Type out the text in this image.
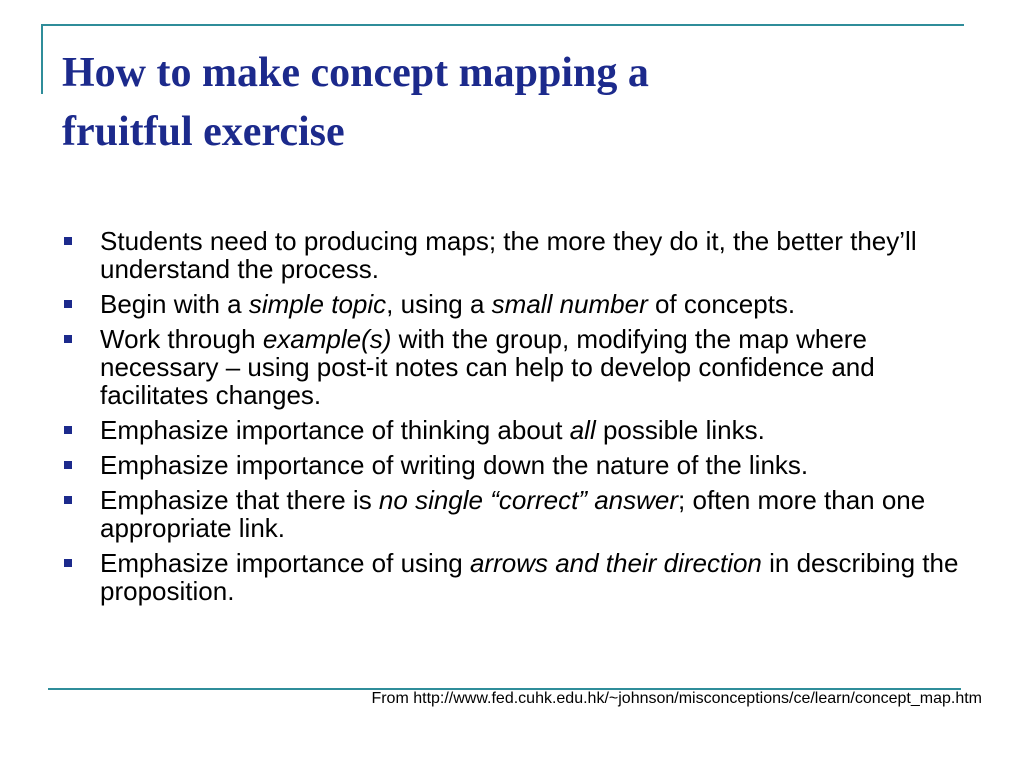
How to make concept mapping a
fruitful exercise
Students need to producing maps; the more they do it, the better they’ll understand the process.
Begin with a simple topic, using a small number of concepts.
Work through example(s) with the group, modifying the map where necessary – using post-it notes can help to develop confidence and facilitates changes.
Emphasize importance of thinking about all possible links.
Emphasize importance of writing down the nature of the links.
Emphasize that there is no single “correct” answer; often more than one appropriate link.
Emphasize importance of using arrows and their direction in describing the proposition.
From http://www.fed.cuhk.edu.hk/~johnson/misconceptions/ce/learn/concept_map.htm
